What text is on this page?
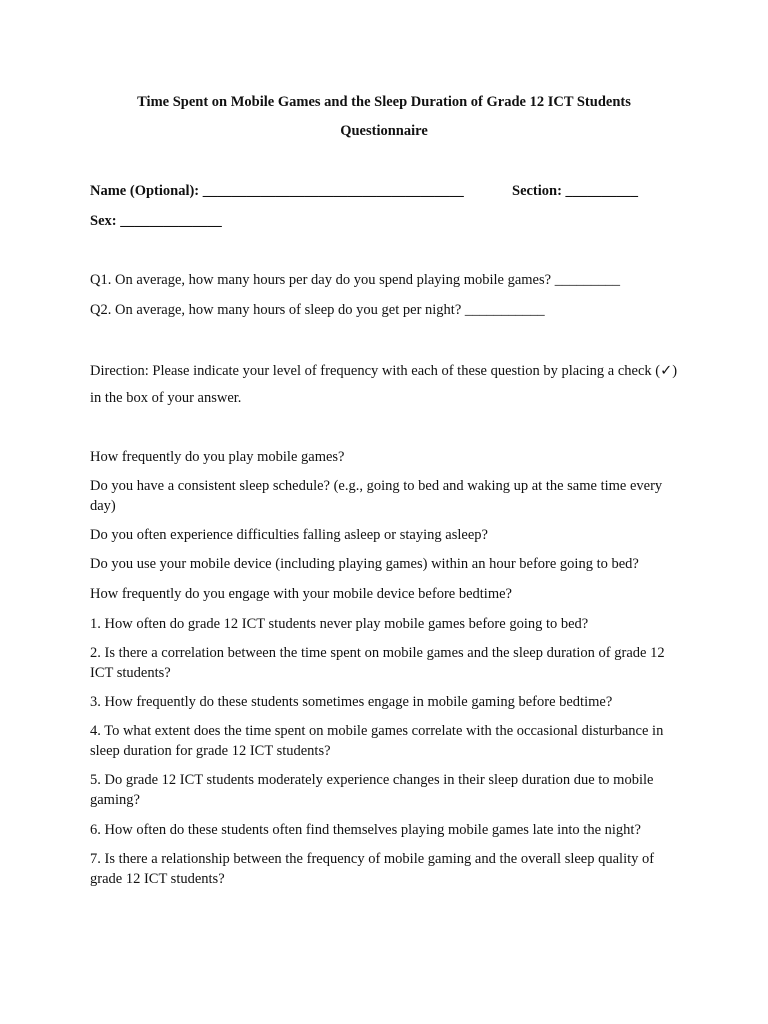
Time Spent on Mobile Games and the Sleep Duration of Grade 12 ICT Students
Questionnaire
Name (Optional): ____________________________________	Section: __________
Sex: ______________
Q1. On average, how many hours per day do you spend playing mobile games? _________
Q2. On average, how many hours of sleep do you get per night? ___________
Direction: Please indicate your level of frequency with each of these question by placing a check (✓) in the box of your answer.
How frequently do you play mobile games?
Do you have a consistent sleep schedule? (e.g., going to bed and waking up at the same time every day)
Do you often experience difficulties falling asleep or staying asleep?
Do you use your mobile device (including playing games) within an hour before going to bed?
How frequently do you engage with your mobile device before bedtime?
1. How often do grade 12 ICT students never play mobile games before going to bed?
2. Is there a correlation between the time spent on mobile games and the sleep duration of grade 12 ICT students?
3. How frequently do these students sometimes engage in mobile gaming before bedtime?
4. To what extent does the time spent on mobile games correlate with the occasional disturbance in sleep duration for grade 12 ICT students?
5. Do grade 12 ICT students moderately experience changes in their sleep duration due to mobile gaming?
6. How often do these students often find themselves playing mobile games late into the night?
7. Is there a relationship between the frequency of mobile gaming and the overall sleep quality of grade 12 ICT students?
